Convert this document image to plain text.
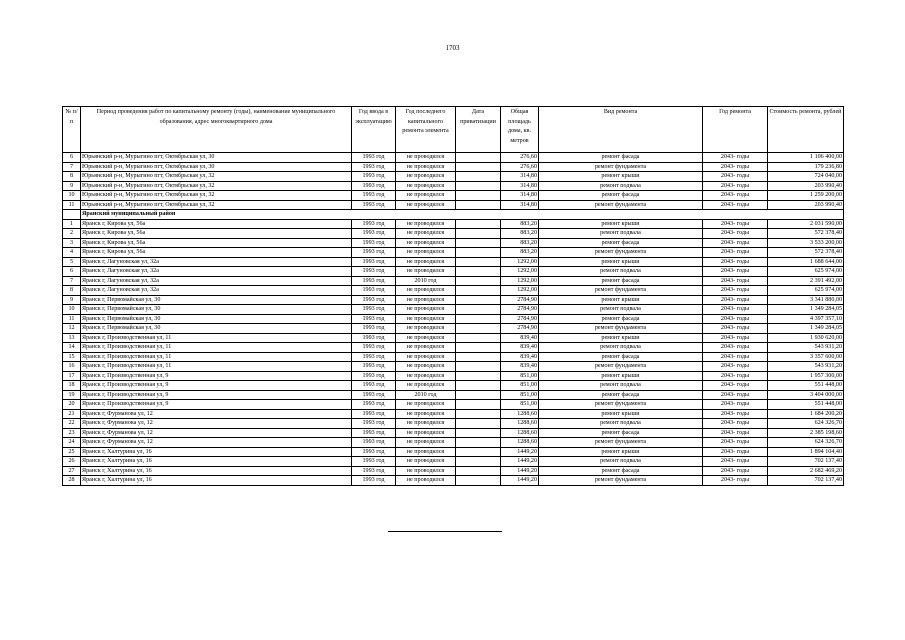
1703
№ п/п	Период проведения работ по капитальному ремонту (годы), наименование муниципального образования, адрес многоквартирного дома	Год ввода в эксплуатацию	Год последнего капитального ремонта элемента	Дата приватизации	Общая площадь дома, кв. метров	Вид ремонта	Год ремонта	Стоимость ремонта, рублей
6	Юрьянский р-н, Мурыгино пгт, Октябрьская ул, 30	1993 год	не проводился		276,60	ремонт фасада	2043- годы	1 106 400,00
7	Юрьянский р-н, Мурыгино пгт, Октябрьская ул, 30	1993 год	не проводился		276,60	ремонт фундамента	2043- годы	179 236,80
8	Юрьянский р-н, Мурыгино пгт, Октябрьская ул, 32	1993 год	не проводился		314,80	ремонт крыши	2043- годы	724 040,00
9	Юрьянский р-н, Мурыгино пгт, Октябрьская ул, 32	1993 год	не проводился		314,80	ремонт подвала	2043- годы	203 990,40
10	Юрьянский р-н, Мурыгино пгт, Октябрьская ул, 32	1993 год	не проводился		314,80	ремонт фасада	2043- годы	1 259 200,00
11	Юрьянский р-н, Мурыгино пгт, Октябрьская ул, 32	1993 год	не проводился		314,80	ремонт фундамента	2043- годы	203 990,40
	Яранский муниципальный район							
1	Яранск г, Кирова ул, 56а	1993 год	не проводился		883,20	ремонт крыши	2043- годы	2 031 590,00
2	Яранск г, Кирова ул, 56а	1993 год	не проводился		883,20	ремонт подвала	2043- годы	572 378,40
3	Яранск г, Кирова ул, 56а	1993 год	не проводился		883,20	ремонт фасада	2043- годы	3 533 200,00
4	Яранск г, Кирова ул, 56а	1993 год	не проводился		883,20	ремонт фундамента	2043- годы	572 378,40
5	Яранск г, Лагуновская ул, 32а	1993 год	не проводился		1292,00	ремонт крыши	2043- годы	1 688 644,00
6	Яранск г, Лагуновская ул, 32а	1993 год	не проводился		1292,00	ремонт подвала	2043- годы	625 974,00
7	Яранск г, Лагуновская ул, 32а	1993 год	2010 год		1292,00	ремонт фасада	2043- годы	2 391 492,00
8	Яранск г, Лагуновская ул, 32а	1993 год	не проводился		1292,00	ремонт фундамента	2043- годы	625 974,00
9	Яранск г, Первомайская ул, 30	1993 год	не проводился		2784,90	ремонт крыши	2043- годы	3 341 880,00
10	Яранск г, Первомайская ул, 30	1993 год	не проводился		2784,90	ремонт подвала	2043- годы	1 349 284,05
11	Яранск г, Первомайская ул, 30	1993 год	не проводился		2784,90	ремонт фасада	2043- годы	4 397 357,10
12	Яранск г, Первомайская ул, 30	1993 год	не проводился		2784,90	ремонт фундамента	2043- годы	1 349 284,05
13	Яранск г, Производственная ул, 11	1993 год	не проводился		839,40	ремонт крыши	2043- годы	1 930 620,00
14	Яранск г, Производственная ул, 11	1993 год	не проводился		839,40	ремонт подвала	2043- годы	543 931,20
15	Яранск г, Производственная ул, 11	1993 год	не проводился		839,40	ремонт фасада	2043- годы	3 357 600,00
16	Яранск г, Производственная ул, 11	1993 год	не проводился		839,40	ремонт фундамента	2043- годы	543 931,20
17	Яранск г, Производственная ул, 9	1993 год	не проводился		851,00	ремонт крыши	2043- годы	1 957 300,00
18	Яранск г, Производственная ул, 9	1993 год	не проводился		851,00	ремонт подвала	2043- годы	551 448,00
19	Яранск г, Производственная ул, 9	1993 год	2010 год		851,00	ремонт фасада	2043- годы	3 404 000,00
20	Яранск г, Производственная ул, 9	1993 год	не проводился		851,00	ремонт фундамента	2043- годы	551 448,00
21	Яранск г, Фурманова ул, 12	1993 год	не проводился		1288,60	ремонт крыши	2043- годы	1 684 200,20
22	Яранск г, Фурманова ул, 12	1993 год	не проводился		1288,60	ремонт подвала	2043- годы	624 326,70
23	Яранск г, Фурманова ул, 12	1993 год	не проводился		1288,60	ремонт фасада	2043- годы	2 385 198,60
24	Яранск г, Фурманова ул, 12	1993 год	не проводился		1288,60	ремонт фундамента	2043- годы	624 326,70
25	Яранск г, Халтурина ул, 16	1993 год	не проводился		1449,20	ремонт крыши	2043- годы	1 894 104,40
26	Яранск г, Халтурина ул, 16	1993 год	не проводился		1449,20	ремонт подвала	2043- годы	702 137,40
27	Яранск г, Халтурина ул, 16	1993 год	не проводился		1449,20	ремонт фасада	2043- годы	2 682 469,20
28	Яранск г, Халтурина ул, 16	1993 год	не проводился		1449,20	ремонт фундамента	2043- годы	702 137,40
